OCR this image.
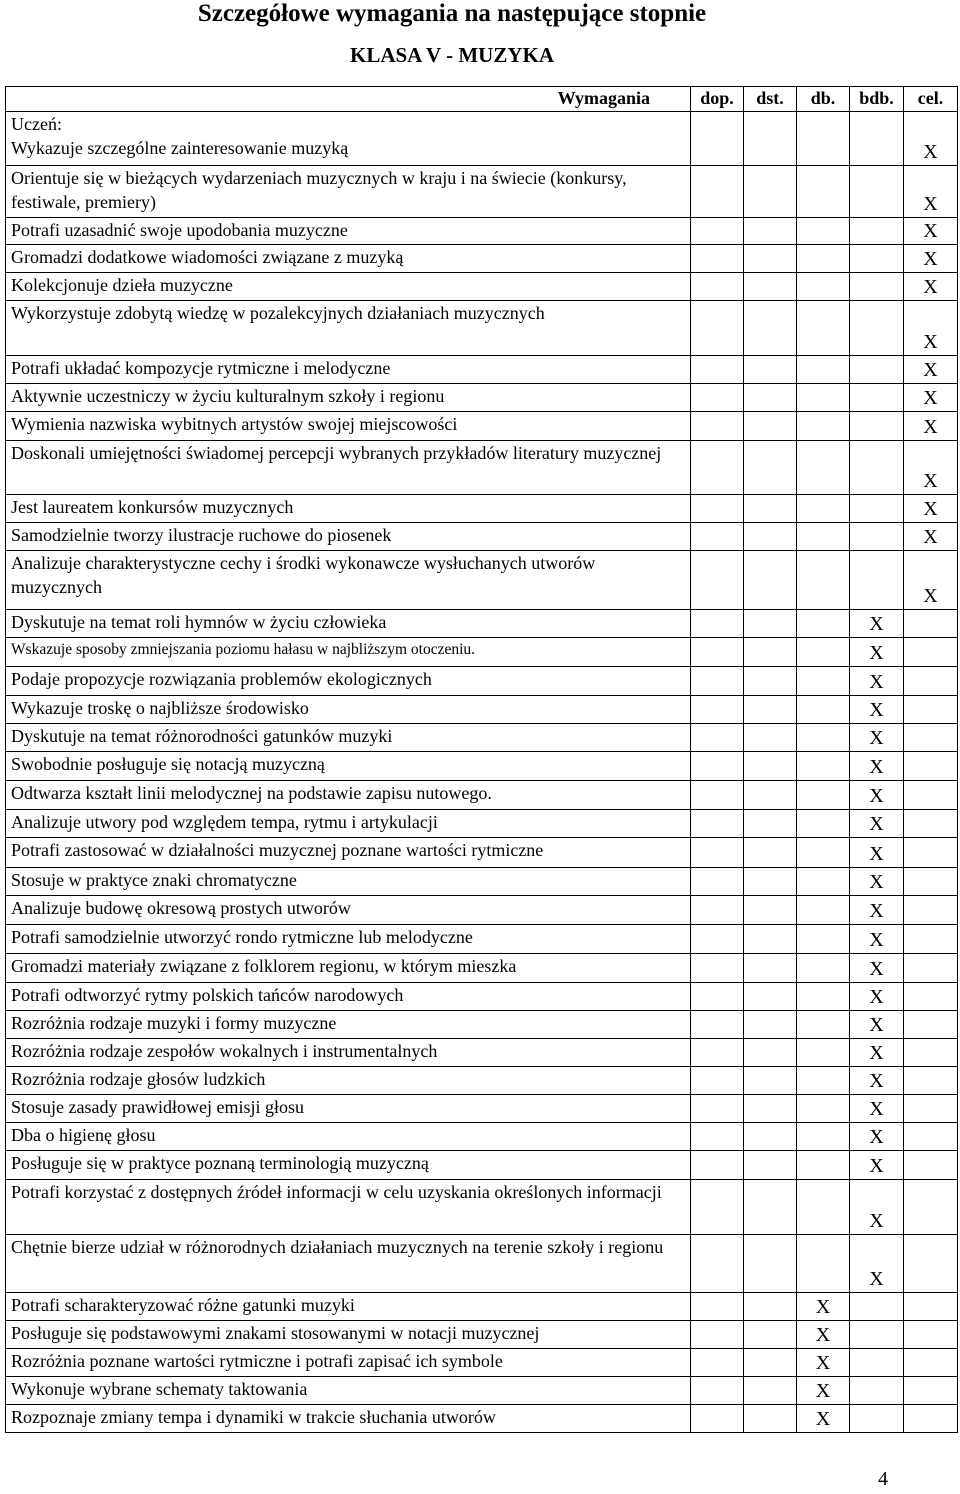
Szczegółowe wymagania na następujące stopnie
KLASA V - MUZYKA
Wymagania	dop.	dst.	db.	bdb.	cel.

Uczeń:
Wykazuje szczególne zainteresowanie muzyką					X

Orientuje się w bieżących wydarzeniach muzycznych w kraju i na świecie (konkursy, festiwale, premiery)					X

Potrafi uzasadnić swoje upodobania muzyczne					X

Gromadzi dodatkowe wiadomości związane z muzyką					X

Kolekcjonuje dzieła muzyczne					X

Wykorzystuje zdobytą wiedzę w pozalekcyjnych działaniach muzycznych					X

Potrafi układać kompozycje rytmiczne i melodyczne					X

Aktywnie uczestniczy w życiu kulturalnym szkoły i regionu					X

Wymienia nazwiska wybitnych artystów swojej miejscowości					X

Doskonali umiejętności świadomej percepcji wybranych przykładów literatury muzycznej					X

Jest laureatem konkursów muzycznych					X

Samodzielnie tworzy ilustracje ruchowe do piosenek					X

Analizuje charakterystyczne cechy i środki wykonawcze wysłuchanych utworów muzycznych					X

Dyskutuje na temat roli hymnów w życiu człowieka				X	

Wskazuje sposoby zmniejszania poziomu hałasu w najbliższym otoczeniu.				X	

Podaje propozycje rozwiązania problemów ekologicznych				X	

Wykazuje troskę o najbliższe środowisko				X	

Dyskutuje na temat różnorodności gatunków muzyki				X	

Swobodnie posługuje się notacją muzyczną				X	

Odtwarza kształt linii melodycznej na podstawie zapisu nutowego.				X	

Analizuje utwory pod względem tempa, rytmu i artykulacji				X	

Potrafi zastosować w działalności muzycznej poznane wartości rytmiczne				X	

Stosuje w praktyce znaki chromatyczne				X	

Analizuje budowę okresową prostych utworów				X	

Potrafi samodzielnie utworzyć rondo rytmiczne lub melodyczne				X	

Gromadzi materiały związane z folklorem regionu, w którym mieszka				X	

Potrafi odtworzyć rytmy polskich tańców narodowych				X	

Rozróżnia rodzaje muzyki i formy muzyczne				X	

Rozróżnia rodzaje zespołów wokalnych i instrumentalnych				X	

Rozróżnia rodzaje głosów ludzkich				X	

Stosuje zasady prawidłowej emisji głosu				X	

Dba o higienę głosu				X	

Posługuje się w praktyce poznaną terminologią muzyczną				X	

Potrafi korzystać z dostępnych źródeł informacji w celu uzyskania określonych informacji				X	

Chętnie bierze udział w różnorodnych działaniach muzycznych na terenie szkoły i regionu				X	

Potrafi scharakteryzować różne gatunki muzyki			X		

Posługuje się podstawowymi znakami stosowanymi w notacji muzycznej			X		

Rozróżnia poznane wartości rytmiczne i potrafi zapisać ich symbole			X		

Wykonuje wybrane schematy taktowania			X		

Rozpoznaje zmiany tempa i dynamiki w trakcie słuchania utworów			X		
4
